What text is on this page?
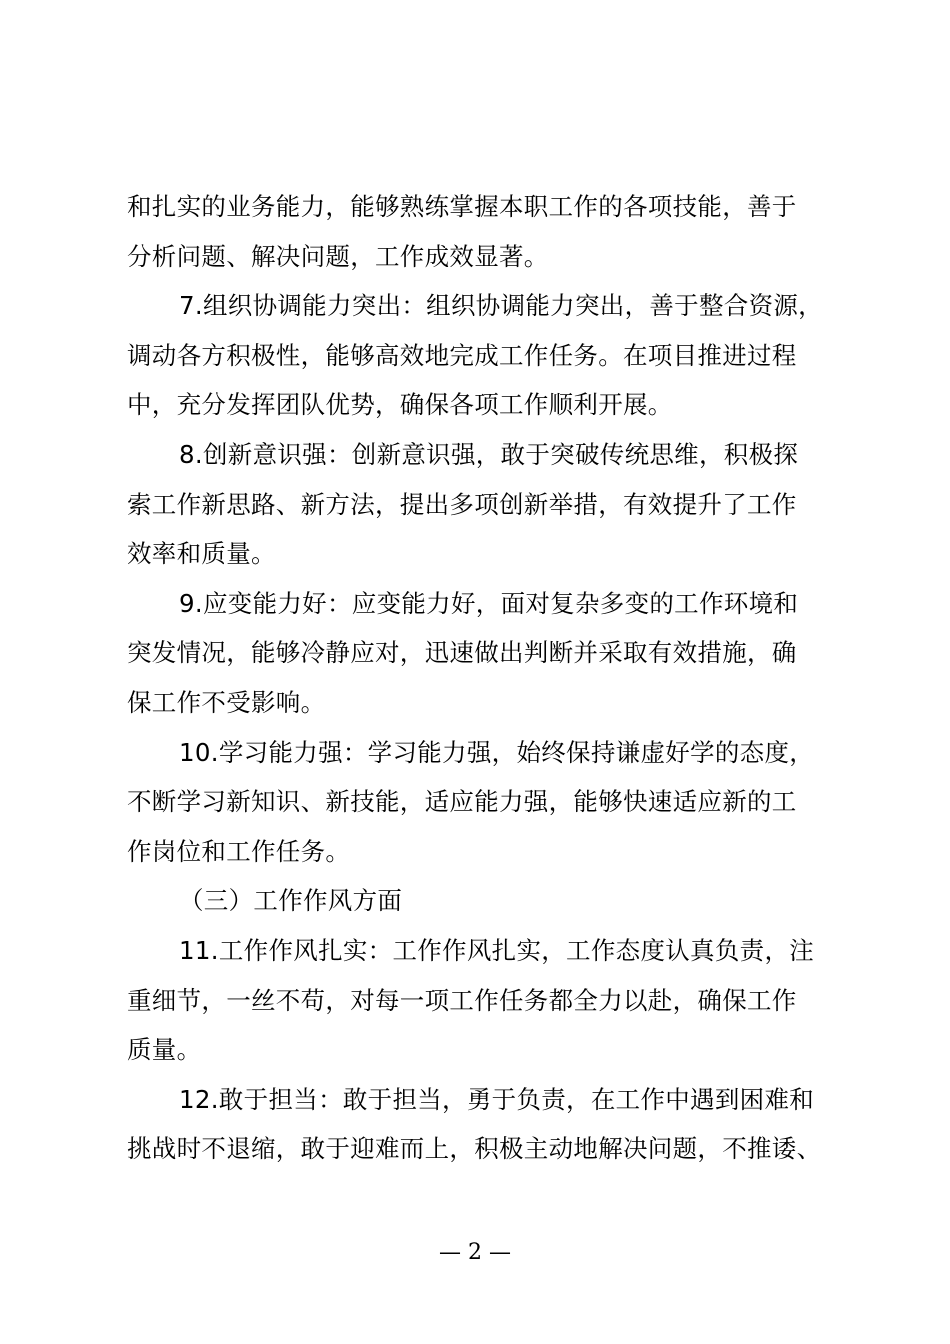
和扎实的业务能力，能够熟练掌握本职工作的各项技能，善于
分析问题、解决问题，工作成效显著。
7.组织协调能力突出：组织协调能力突出，善于整合资源，
调动各方积极性，能够高效地完成工作任务。在项目推进过程
中，充分发挥团队优势，确保各项工作顺利开展。
8.创新意识强：创新意识强，敢于突破传统思维，积极探
索工作新思路、新方法，提出多项创新举措，有效提升了工作
效率和质量。
9.应变能力好：应变能力好，面对复杂多变的工作环境和
突发情况，能够冷静应对，迅速做出判断并采取有效措施，确
保工作不受影响。
10.学习能力强：学习能力强，始终保持谦虚好学的态度，
不断学习新知识、新技能，适应能力强，能够快速适应新的工
作岗位和工作任务。
（三）工作作风方面
11.工作作风扎实：工作作风扎实，工作态度认真负责，注
重细节，一丝不苟，对每一项工作任务都全力以赴，确保工作
质量。
12.敢于担当：敢于担当，勇于负责，在工作中遇到困难和
挑战时不退缩，敢于迎难而上，积极主动地解决问题，不推诿、
— 2 —
